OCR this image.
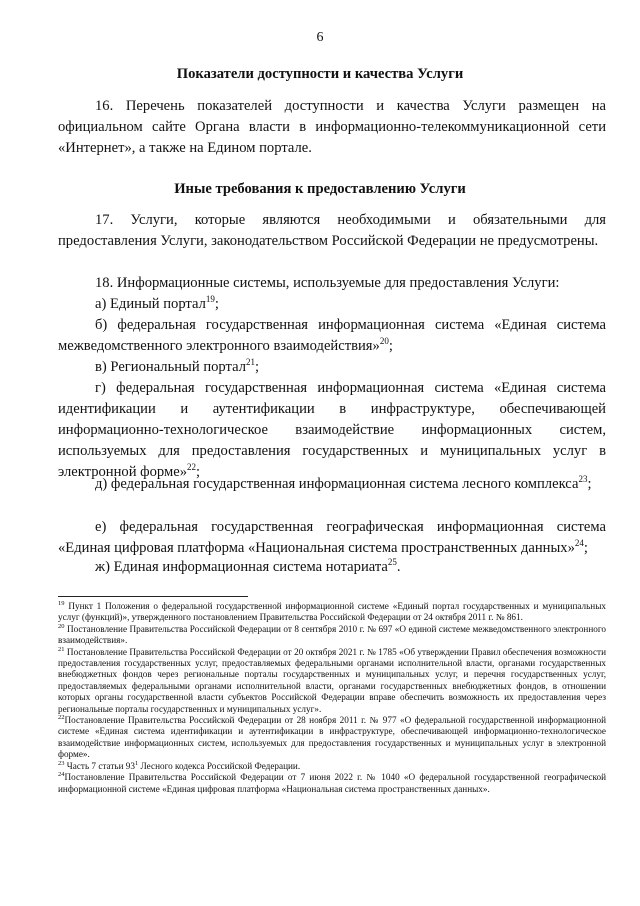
6
Показатели доступности и качества Услуги
16. Перечень показателей доступности и качества Услуги размещен на официальном сайте Органа власти в информационно-телекоммуникационной сети «Интернет», а также на Едином портале.
Иные требования к предоставлению Услуги
17. Услуги, которые являются необходимыми и обязательными для предоставления Услуги, законодательством Российской Федерации не предусмотрены.
18. Информационные системы, используемые для предоставления Услуги:
а) Единый портал$^{19}$;
б) федеральная государственная информационная система «Единая система межведомственного электронного взаимодействия»$^{20}$;
в) Региональный портал$^{21}$;
г) федеральная государственная информационная система «Единая система идентификации и аутентификации в инфраструктуре, обеспечивающей информационно-технологическое взаимодействие информационных систем, используемых для предоставления государственных и муниципальных услуг в электронной форме»$^{22}$;
д) федеральная государственная информационная система лесного комплекса$^{23}$;
е) федеральная государственная географическая информационная система «Единая цифровая платформа «Национальная система пространственных данных»$^{24}$;
ж) Единая информационная система нотариата$^{25}$.

$^{19}$ Пункт 1 Положения о федеральной государственной информационной системе «Единый портал государственных и муниципальных услуг (функций)», утвержденного постановлением Правительства Российской Федерации от 24 октября 2011 г. № 861.

$^{20}$ Постановление Правительства Российской Федерации от 8 сентября 2010 г. № 697 «О единой системе межведомственного электронного взаимодействия».

$^{21}$ Постановление Правительства Российской Федерации от 20 октября 2021 г. № 1785 «Об утверждении Правил обеспечения возможности предоставления государственных услуг, предоставляемых федеральными органами исполнительной власти, органами государственных внебюджетных фондов через региональные порталы государственных и муниципальных услуг, и перечня государственных услуг, предоставляемых федеральными органами исполнительной власти, органами государственных внебюджетных фондов, в отношении которых органы государственной власти субъектов Российской Федерации вправе обеспечить возможность их предоставления через региональные порталы государственных и муниципальных услуг».

$^{22}$Постановление Правительства Российской Федерации от 28 ноября 2011 г. № 977 «О федеральной государственной информационной системе «Единая система идентификации и аутентификации в инфраструктуре, обеспечивающей информационно-технологическое взаимодействие информационных систем, используемых для предоставления государственных и муниципальных услуг в электронной форме».

$^{23}$ Часть 7 статьи $93^1$ Лесного кодекса Российской Федерации.

$^{24}$Постановление Правительства Российской Федерации от 7 июня 2022 г. № 1040 «О федеральной государственной географической информационной системе «Единая цифровая платформа «Национальная система пространственных данных».
